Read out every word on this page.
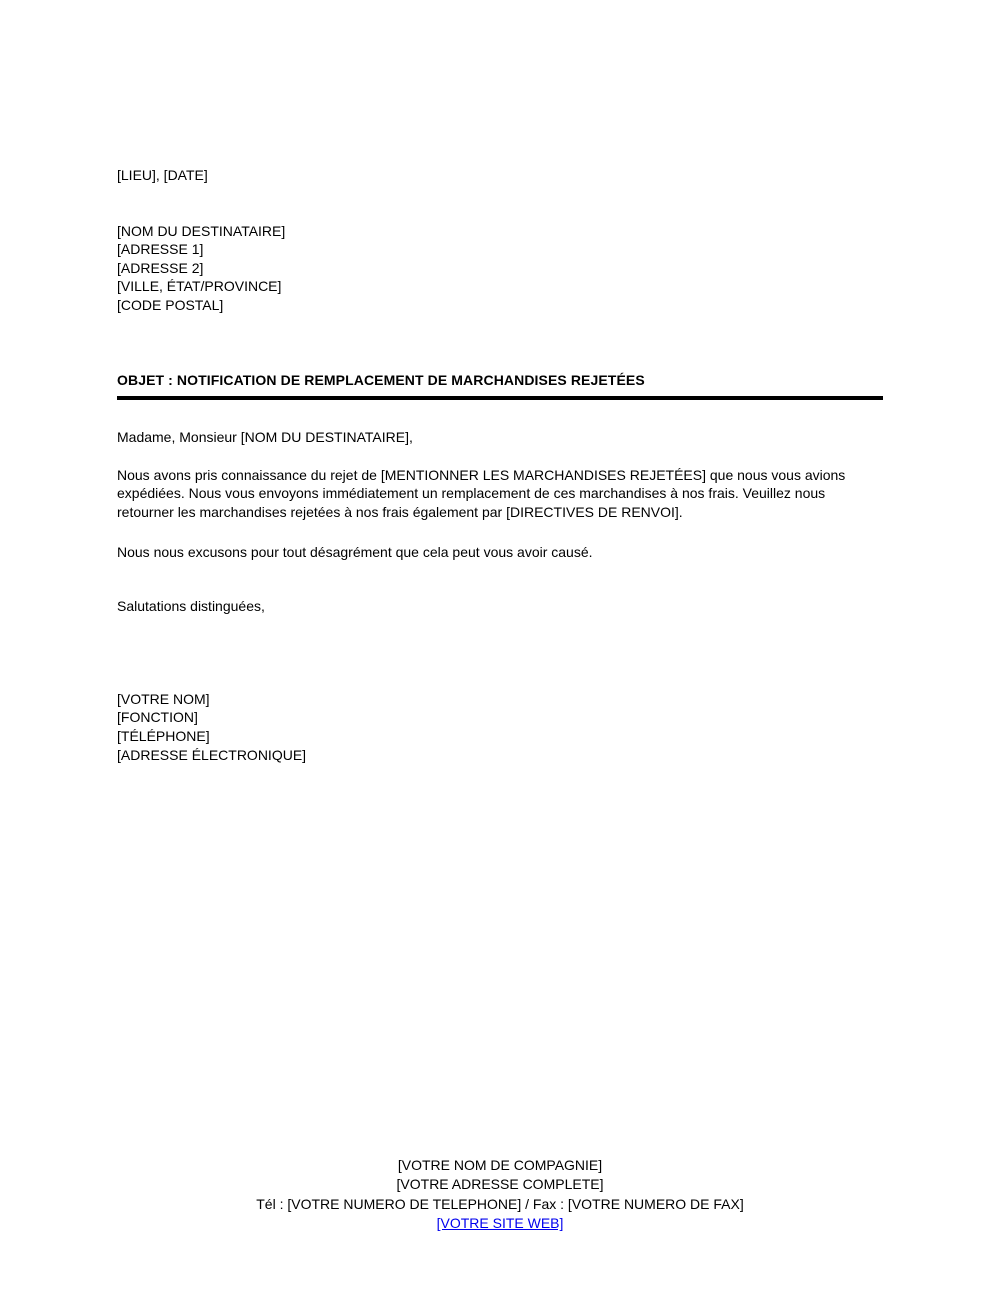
[LIEU], [DATE]
[NOM DU DESTINATAIRE]
[ADRESSE 1]
[ADRESSE 2]
[VILLE, ÉTAT/PROVINCE]
[CODE POSTAL]
OBJET : NOTIFICATION DE REMPLACEMENT DE MARCHANDISES REJETÉES
Madame, Monsieur [NOM DU DESTINATAIRE],
Nous avons pris connaissance du rejet de [MENTIONNER LES MARCHANDISES REJETÉES] que nous vous avions expédiées. Nous vous envoyons immédiatement un remplacement de ces marchandises à nos frais. Veuillez nous retourner les marchandises rejetées à nos frais également par [DIRECTIVES DE RENVOI].
Nous nous excusons pour tout désagrément que cela peut vous avoir causé.
Salutations distinguées,
[VOTRE NOM]
[FONCTION]
[TÉLÉPHONE]
[ADRESSE ÉLECTRONIQUE]
[VOTRE NOM DE COMPAGNIE]
[VOTRE ADRESSE COMPLETE]
Tél : [VOTRE NUMERO DE TELEPHONE] / Fax : [VOTRE NUMERO DE FAX]
[VOTRE SITE WEB]
